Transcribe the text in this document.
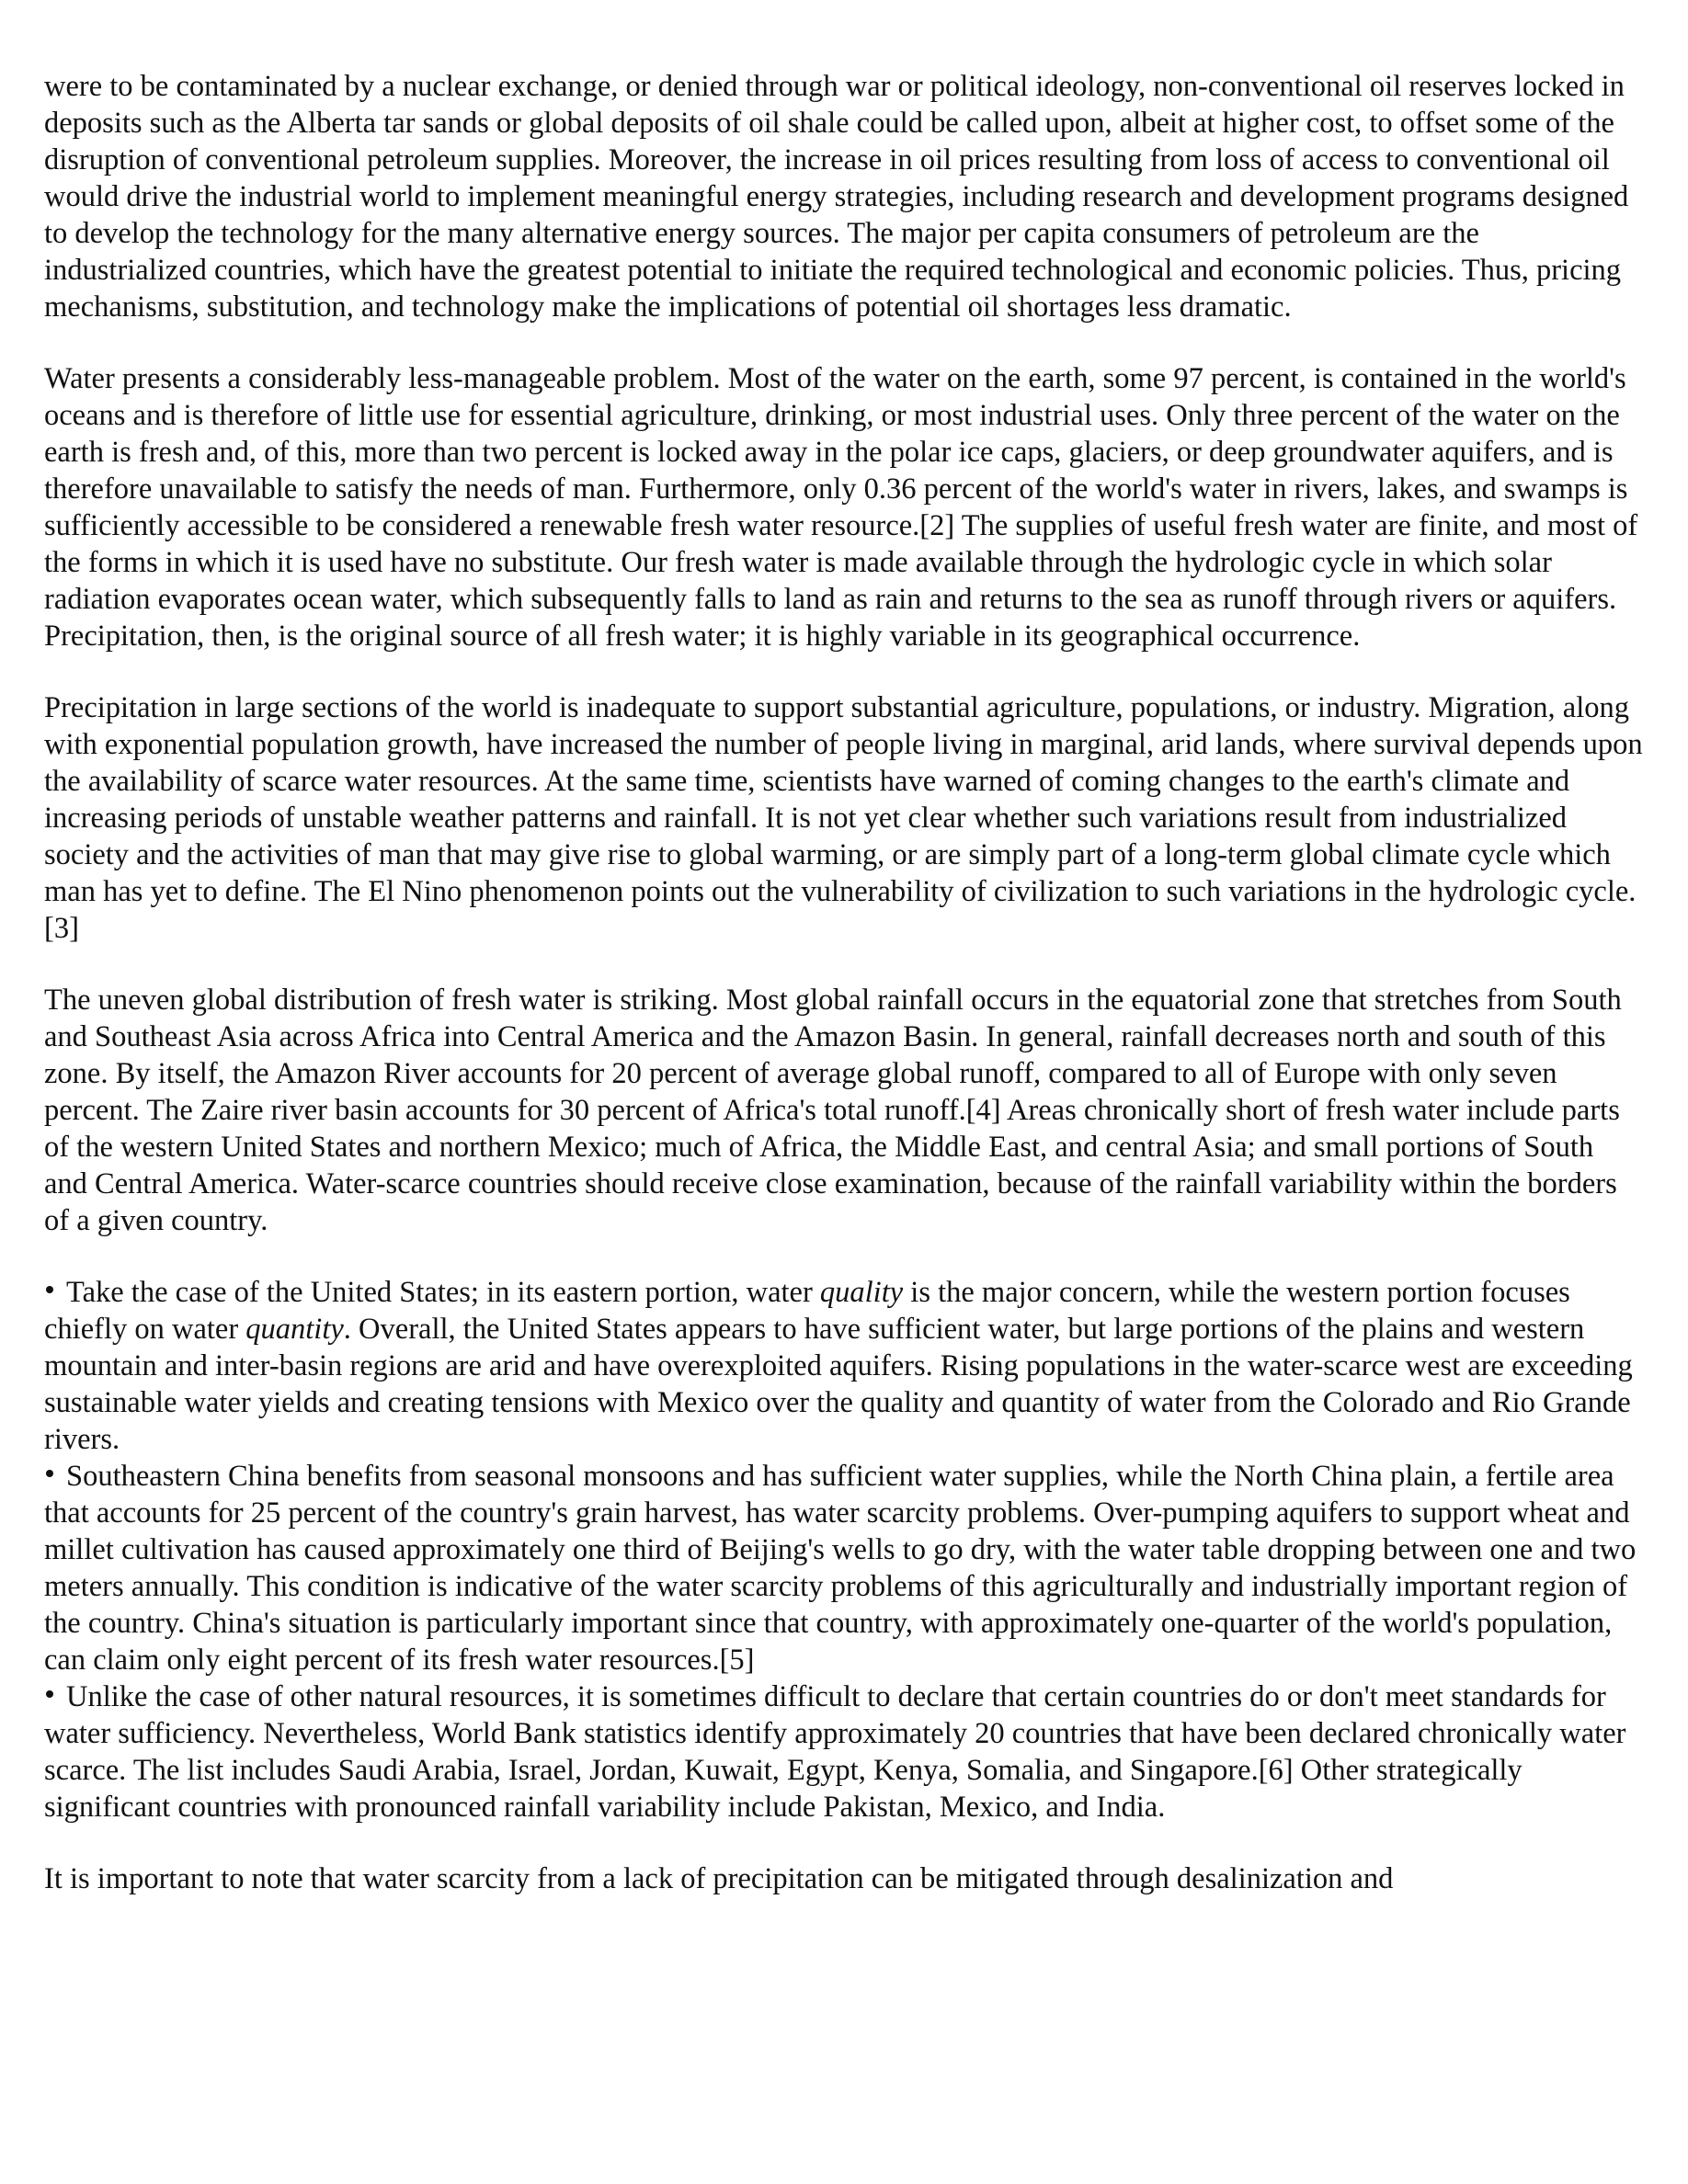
were to be contaminated by a nuclear exchange, or denied through war or political ideology, non-conventional oil reserves locked in deposits such as the Alberta tar sands or global deposits of oil shale could be called upon, albeit at higher cost, to offset some of the disruption of conventional petroleum supplies. Moreover, the increase in oil prices resulting from loss of access to conventional oil would drive the industrial world to implement meaningful energy strategies, including research and development programs designed to develop the technology for the many alternative energy sources. The major per capita consumers of petroleum are the industrialized countries, which have the greatest potential to initiate the required technological and economic policies. Thus, pricing mechanisms, substitution, and technology make the implications of potential oil shortages less dramatic.

Water presents a considerably less-manageable problem. Most of the water on the earth, some 97 percent, is contained in the world's oceans and is therefore of little use for essential agriculture, drinking, or most industrial uses. Only three percent of the water on the earth is fresh and, of this, more than two percent is locked away in the polar ice caps, glaciers, or deep groundwater aquifers, and is therefore unavailable to satisfy the needs of man. Furthermore, only 0.36 percent of the world's water in rivers, lakes, and swamps is sufficiently accessible to be considered a renewable fresh water resource.[2] The supplies of useful fresh water are finite, and most of the forms in which it is used have no substitute. Our fresh water is made available through the hydrologic cycle in which solar radiation evaporates ocean water, which subsequently falls to land as rain and returns to the sea as runoff through rivers or aquifers. Precipitation, then, is the original source of all fresh water; it is highly variable in its geographical occurrence.

Precipitation in large sections of the world is inadequate to support substantial agriculture, populations, or industry. Migration, along with exponential population growth, have increased the number of people living in marginal, arid lands, where survival depends upon the availability of scarce water resources. At the same time, scientists have warned of coming changes to the earth's climate and increasing periods of unstable weather patterns and rainfall. It is not yet clear whether such variations result from industrialized society and the activities of man that may give rise to global warming, or are simply part of a long-term global climate cycle which man has yet to define. The El Nino phenomenon points out the vulnerability of civilization to such variations in the hydrologic cycle.[3]

The uneven global distribution of fresh water is striking. Most global rainfall occurs in the equatorial zone that stretches from South and Southeast Asia across Africa into Central America and the Amazon Basin. In general, rainfall decreases north and south of this zone. By itself, the Amazon River accounts for 20 percent of average global runoff, compared to all of Europe with only seven percent. The Zaire river basin accounts for 30 percent of Africa's total runoff.[4] Areas chronically short of fresh water include parts of the western United States and northern Mexico; much of Africa, the Middle East, and central Asia; and small portions of South and Central America. Water-scarce countries should receive close examination, because of the rainfall variability within the borders of a given country.

Take the case of the United States; in its eastern portion, water quality is the major concern, while the western portion focuses chiefly on water quantity. Overall, the United States appears to have sufficient water, but large portions of the plains and western mountain and inter-basin regions are arid and have overexploited aquifers. Rising populations in the water-scarce west are exceeding sustainable water yields and creating tensions with Mexico over the quality and quantity of water from the Colorado and Rio Grande rivers.
Southeastern China benefits from seasonal monsoons and has sufficient water supplies, while the North China plain, a fertile area that accounts for 25 percent of the country's grain harvest, has water scarcity problems. Over-pumping aquifers to support wheat and millet cultivation has caused approximately one third of Beijing's wells to go dry, with the water table dropping between one and two meters annually. This condition is indicative of the water scarcity problems of this agriculturally and industrially important region of the country. China's situation is particularly important since that country, with approximately one-quarter of the world's population, can claim only eight percent of its fresh water resources.[5]
Unlike the case of other natural resources, it is sometimes difficult to declare that certain countries do or don't meet standards for water sufficiency. Nevertheless, World Bank statistics identify approximately 20 countries that have been declared chronically water scarce. The list includes Saudi Arabia, Israel, Jordan, Kuwait, Egypt, Kenya, Somalia, and Singapore.[6] Other strategically significant countries with pronounced rainfall variability include Pakistan, Mexico, and India.

It is important to note that water scarcity from a lack of precipitation can be mitigated through desalinization and
